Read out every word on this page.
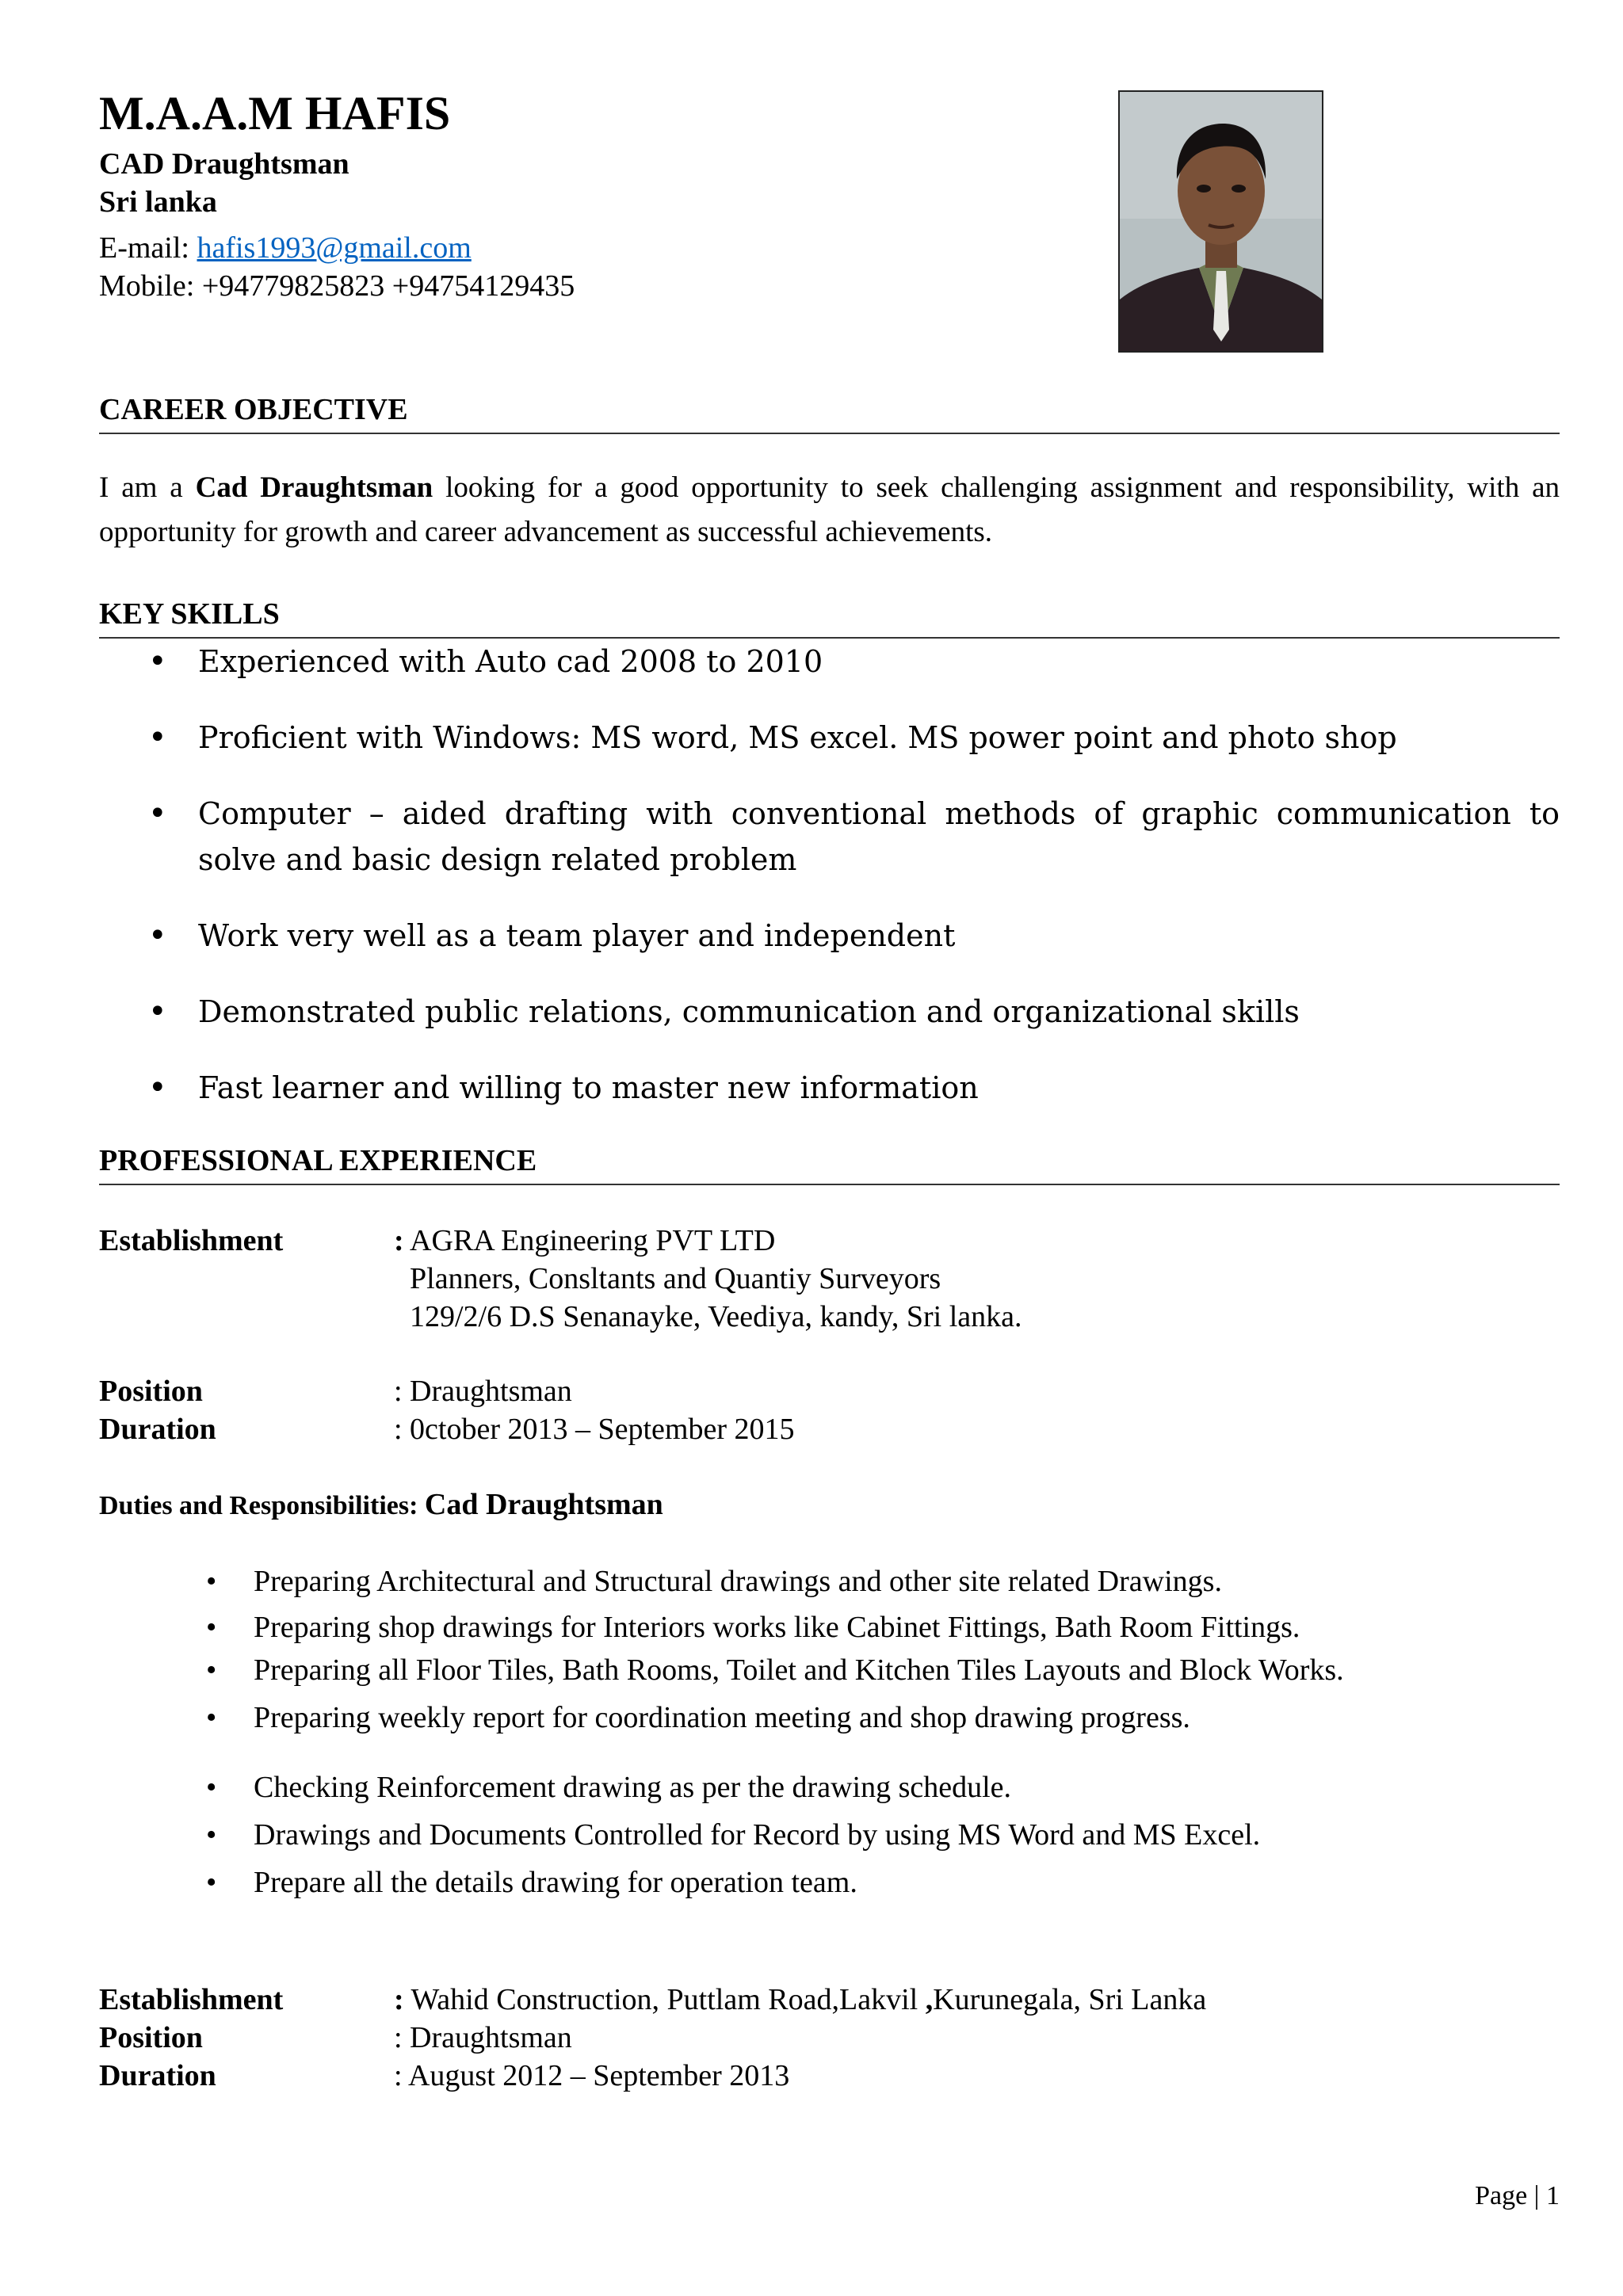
M.A.A.M HAFIS
CAD Draughtsman
Sri lanka
E-mail: hafis1993@gmail.com
Mobile: +94779825823 +94754129435
CAREER OBJECTIVE
I am a Cad Draughtsman looking for a good opportunity to seek challenging assignment and responsibility, with an opportunity for growth and career advancement as successful achievements.
KEY SKILLS
• Experienced with Auto cad 2008 to 2010
• Proficient with Windows: MS word, MS excel. MS power point and photo shop
• Computer – aided drafting with conventional methods of graphic communication to solve and basic design related problem
• Work very well as a team player and independent
• Demonstrated public relations, communication and organizational skills
• Fast learner and willing to master new information
PROFESSIONAL EXPERIENCE
Establishment	: AGRA Engineering PVT LTD
Planners, Consltants and Quantiy Surveyors
129/2/6 D.S Senanayke, Veediya, kandy, Sri lanka.
Position	: Draughtsman
Duration	: 0ctober 2013 – September 2015
Duties and Responsibilities: Cad Draughtsman
• Preparing Architectural and Structural drawings and other site related Drawings.
• Preparing shop drawings for Interiors works like Cabinet Fittings, Bath Room Fittings.
• Preparing all Floor Tiles, Bath Rooms, Toilet and Kitchen Tiles Layouts and Block Works.
• Preparing weekly report for coordination meeting and shop drawing progress.
• Checking Reinforcement drawing as per the drawing schedule.
• Drawings and Documents Controlled for Record by using MS Word and MS Excel.
• Prepare all the details drawing for operation team.
Establishment	: Wahid Construction, Puttlam Road,Lakvil ,Kurunegala, Sri Lanka
Position	: Draughtsman
Duration	: August 2012 – September 2013
Page | 1
